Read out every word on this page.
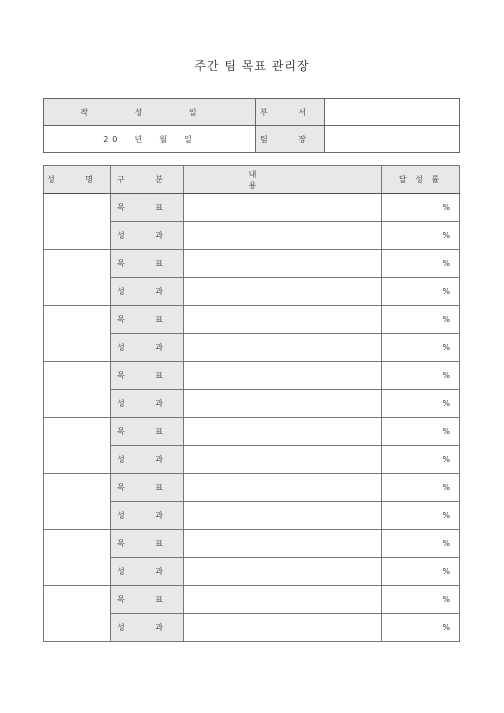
주간 팀 목표 관리장
작 성 일	부 서	
20  년  월  일	팀 장	
성 명	구 분	내 용	달 성 률
	목 표		%
	성 과		%
	목 표		%
	성 과		%
	목 표		%
	성 과		%
	목 표		%
	성 과		%
	목 표		%
	성 과		%
	목 표		%
	성 과		%
	목 표		%
	성 과		%
	목 표		%
	성 과		%
